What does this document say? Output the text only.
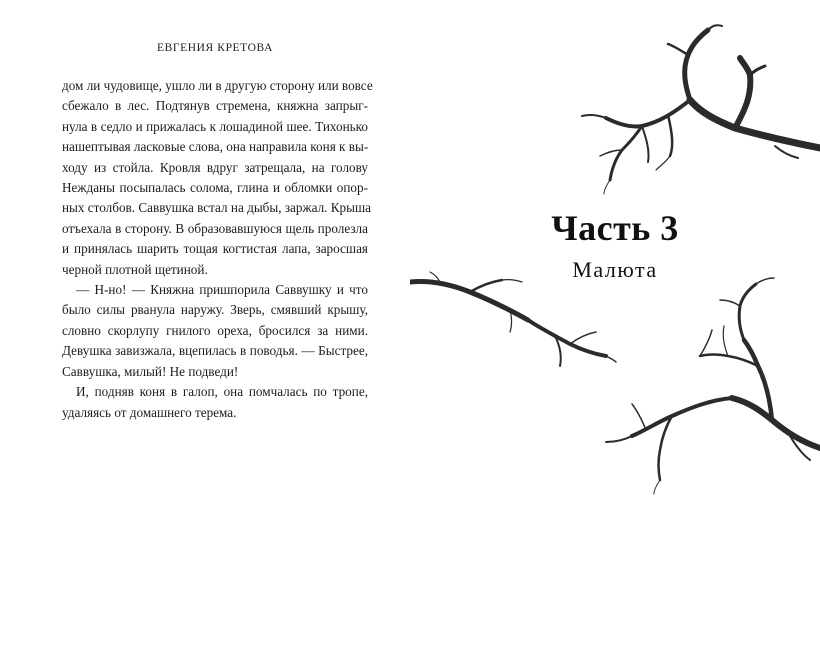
ЕВГЕНИЯ КРЕТОВА
дом ли чудовище, ушло ли в другую сторону или вовсе
сбежало в лес. Подтянув стремена, княжна запрыг-
нула в седло и прижалась к лошадиной шее. Тихонько
нашептывая ласковые слова, она направила коня к вы-
ходу из стойла. Кровля вдруг затрещала, на голову
Нежданы посыпалась солома, глина и обломки опор-
ных столбов. Саввушка встал на дыбы, заржал. Крыша
отъехала в сторону. В образовавшуюся щель пролезла
и принялась шарить тощая когтистая лапа, заросшая
черной плотной щетиной.
— Н-но! — Княжна пришпорила Саввушку и что
было силы рванула наружу. Зверь, смявший крышу,
словно скорлупу гнилого ореха, бросился за ними.
Девушка завизжала, вцепилась в поводья. — Быстрее,
Саввушка, милый! Не подведи!
И, подняв коня в галоп, она помчалась по тропе,
удаляясь от домашнего терема.
Часть 3
Малюта
